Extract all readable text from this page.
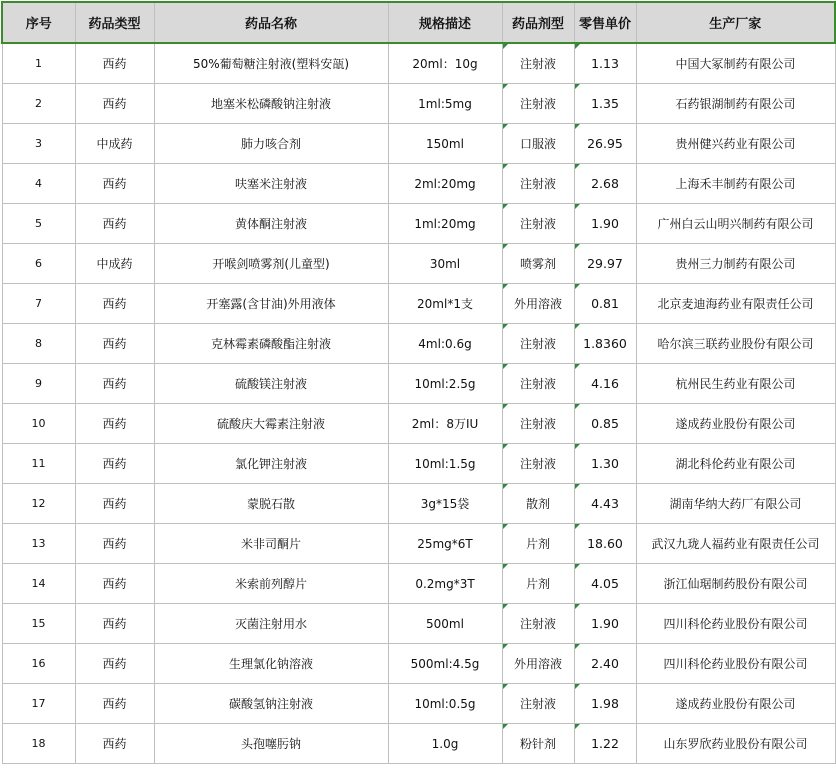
序号	药品类型	药品名称	规格描述	药品剂型	零售单价	生产厂家
1	西药	50%葡萄糖注射液(塑料安瓿)	20ml：10g	注射液	1.13	中国大冢制药有限公司
2	西药	地塞米松磷酸钠注射液	1ml:5mg	注射液	1.35	石药银湖制药有限公司
3	中成药	肺力咳合剂	150ml	口服液	26.95	贵州健兴药业有限公司
4	西药	呋塞米注射液	2ml:20mg	注射液	2.68	上海禾丰制药有限公司
5	西药	黄体酮注射液	1ml:20mg	注射液	1.90	广州白云山明兴制药有限公司
6	中成药	开喉剑喷雾剂(儿童型)	30ml	喷雾剂	29.97	贵州三力制药有限公司
7	西药	开塞露(含甘油)外用液体	20ml*1支	外用溶液	0.81	北京麦迪海药业有限责任公司
8	西药	克林霉素磷酸酯注射液	4ml:0.6g	注射液	1.8360	哈尔滨三联药业股份有限公司
9	西药	硫酸镁注射液	10ml:2.5g	注射液	4.16	杭州民生药业有限公司
10	西药	硫酸庆大霉素注射液	2ml：8万IU	注射液	0.85	遂成药业股份有限公司
11	西药	氯化钾注射液	10ml:1.5g	注射液	1.30	湖北科伦药业有限公司
12	西药	蒙脱石散	3g*15袋	散剂	4.43	湖南华纳大药厂有限公司
13	西药	米非司酮片	25mg*6T	片剂	18.60	武汉九珑人福药业有限责任公司
14	西药	米索前列醇片	0.2mg*3T	片剂	4.05	浙江仙琚制药股份有限公司
15	西药	灭菌注射用水	500ml	注射液	1.90	四川科伦药业股份有限公司
16	西药	生理氯化钠溶液	500ml:4.5g	外用溶液	2.40	四川科伦药业股份有限公司
17	西药	碳酸氢钠注射液	10ml:0.5g	注射液	1.98	遂成药业股份有限公司
18	西药	头孢噻肟钠	1.0g	粉针剂	1.22	山东罗欣药业股份有限公司
